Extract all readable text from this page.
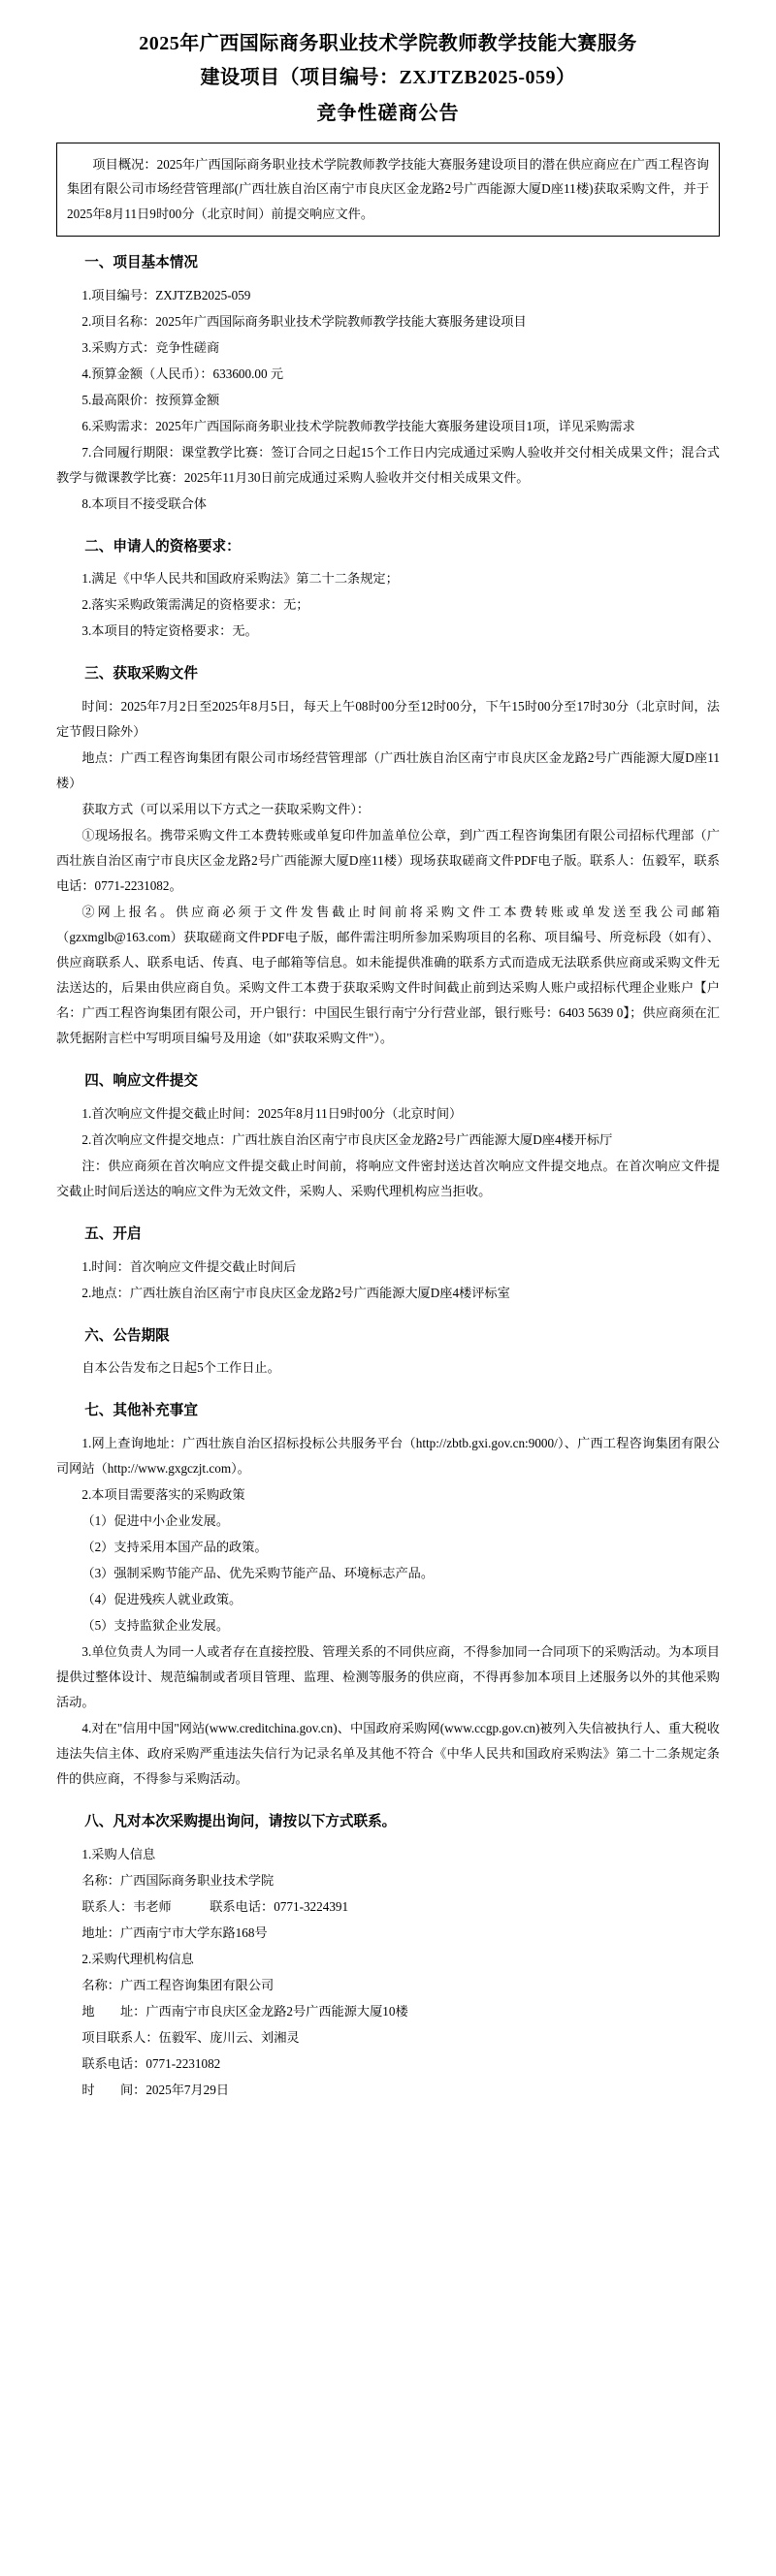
2025年广西国际商务职业技术学院教师教学技能大赛服务
建设项目（项目编号：ZXJTZB2025-059）
竞争性磋商公告

项目概况：2025年广西国际商务职业技术学院教师教学技能大赛服务建设项目的潜在供应商应在广西工程咨询集团有限公司市场经营管理部(广西壮族自治区南宁市良庆区金龙路2号广西能源大厦D座11楼)获取采购文件，并于2025年8月11日9时00分（北京时间）前提交响应文件。

一、项目基本情况

1.项目编号：ZXJTZB2025-059

2.项目名称：2025年广西国际商务职业技术学院教师教学技能大赛服务建设项目

3.采购方式：竞争性磋商

4.预算金额（人民币）：633600.00 元

5.最高限价：按预算金额

6.采购需求：2025年广西国际商务职业技术学院教师教学技能大赛服务建设项目1项，详见采购需求

7.合同履行期限：课堂教学比赛：签订合同之日起15个工作日内完成通过采购人验收并交付相关成果文件；混合式教学与微课教学比赛：2025年11月30日前完成通过采购人验收并交付相关成果文件。

8.本项目不接受联合体

二、申请人的资格要求：

1.满足《中华人民共和国政府采购法》第二十二条规定；

2.落实采购政策需满足的资格要求：无；

3.本项目的特定资格要求：无。

三、获取采购文件

时间：2025年7月2日至2025年8月5日，每天上午08时00分至12时00分，下午15时00分至17时30分（北京时间，法定节假日除外）

地点：广西工程咨询集团有限公司市场经营管理部（广西壮族自治区南宁市良庆区金龙路2号广西能源大厦D座11楼）

获取方式（可以采用以下方式之一获取采购文件）：

①现场报名。携带采购文件工本费转账或单复印件加盖单位公章，到广西工程咨询集团有限公司招标代理部（广西壮族自治区南宁市良庆区金龙路2号广西能源大厦D座11楼）现场获取磋商文件PDF电子版。联系人：伍毅军，联系电话：0771-2231082。

②网上报名。供应商必须于文件发售截止时间前将采购文件工本费转账或单发送至我公司邮箱（gzxmglb@163.com）获取磋商文件PDF电子版，邮件需注明所参加采购项目的名称、项目编号、所竞标段（如有）、供应商联系人、联系电话、传真、电子邮箱等信息。如未能提供准确的联系方式而造成无法联系供应商或采购文件无法送达的，后果由供应商自负。采购文件工本费于获取采购文件时间截止前到达采购人账户或招标代理企业账户【户名：广西工程咨询集团有限公司，开户银行：中国民生银行南宁分行营业部，银行账号：6403 5639 0】；供应商须在汇款凭据附言栏中写明项目编号及用途（如"获取采购文件"）。

四、响应文件提交

1.首次响应文件提交截止时间：2025年8月11日9时00分（北京时间）

2.首次响应文件提交地点：广西壮族自治区南宁市良庆区金龙路2号广西能源大厦D座4楼开标厅

注：供应商须在首次响应文件提交截止时间前，将响应文件密封送达首次响应文件提交地点。在首次响应文件提交截止时间后送达的响应文件为无效文件，采购人、采购代理机构应当拒收。

五、开启

1.时间：首次响应文件提交截止时间后

2.地点：广西壮族自治区南宁市良庆区金龙路2号广西能源大厦D座4楼评标室

六、公告期限

自本公告发布之日起5个工作日止。

七、其他补充事宜

1.网上查询地址：广西壮族自治区招标投标公共服务平台（http://zbtb.gxi.gov.cn:9000/）、广西工程咨询集团有限公司网站（http://www.gxgczjt.com）。

2.本项目需要落实的采购政策

（1）促进中小企业发展。

（2）支持采用本国产品的政策。

（3）强制采购节能产品、优先采购节能产品、环境标志产品。

（4）促进残疾人就业政策。

（5）支持监狱企业发展。

3.单位负责人为同一人或者存在直接控股、管理关系的不同供应商，不得参加同一合同项下的采购活动。为本项目提供过整体设计、规范编制或者项目管理、监理、检测等服务的供应商，不得再参加本项目上述服务以外的其他采购活动。

4.对在"信用中国"网站(www.creditchina.gov.cn)、中国政府采购网(www.ccgp.gov.cn)被列入失信被执行人、重大税收违法失信主体、政府采购严重违法失信行为记录名单及其他不符合《中华人民共和国政府采购法》第二十二条规定条件的供应商，不得参与采购活动。

八、凡对本次采购提出询问，请按以下方式联系。

1.采购人信息

名称：广西国际商务职业技术学院

联系人：韦老师　　　联系电话：0771-3224391

地址：广西南宁市大学东路168号

2.采购代理机构信息

名称：广西工程咨询集团有限公司

地　　址：广西南宁市良庆区金龙路2号广西能源大厦10楼

项目联系人：伍毅军、庞川云、刘湘灵

联系电话：0771-2231082

时　　间：2025年7月29日
